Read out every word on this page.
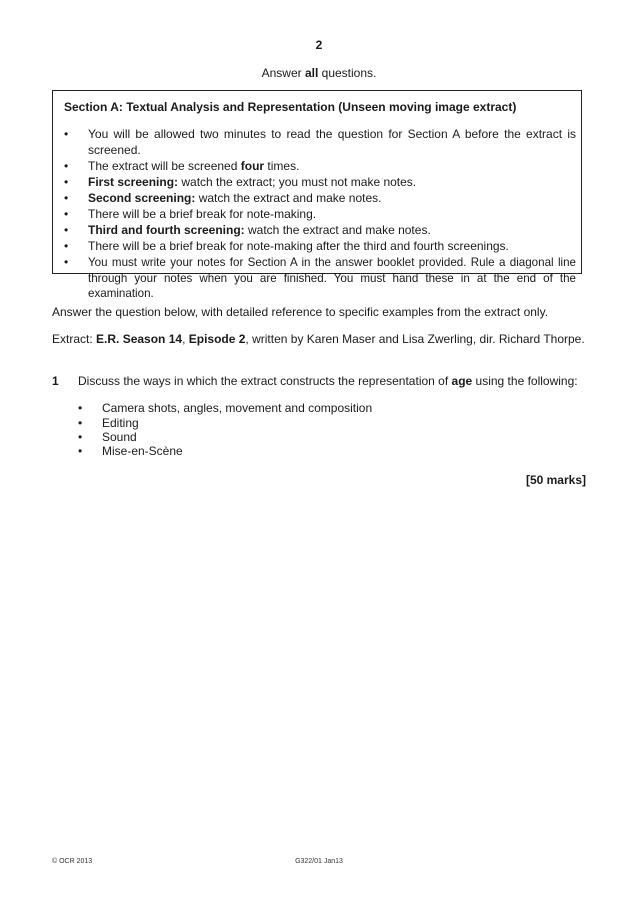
2
Answer all questions.
Section A: Textual Analysis and Representation (Unseen moving image extract)
• You will be allowed two minutes to read the question for Section A before the extract is screened.
• The extract will be screened four times.
• First screening: watch the extract; you must not make notes.
• Second screening: watch the extract and make notes.
• There will be a brief break for note-making.
• Third and fourth screening: watch the extract and make notes.
• There will be a brief break for note-making after the third and fourth screenings.
• You must write your notes for Section A in the answer booklet provided. Rule a diagonal line through your notes when you are finished. You must hand these in at the end of the examination.
Answer the question below, with detailed reference to specific examples from the extract only.
Extract: E.R. Season 14, Episode 2, written by Karen Maser and Lisa Zwerling, dir. Richard Thorpe.
1 Discuss the ways in which the extract constructs the representation of age using the following:
• Camera shots, angles, movement and composition
• Editing
• Sound
• Mise-en-Scène
[50 marks]
© OCR 2013	G322/01 Jan13
